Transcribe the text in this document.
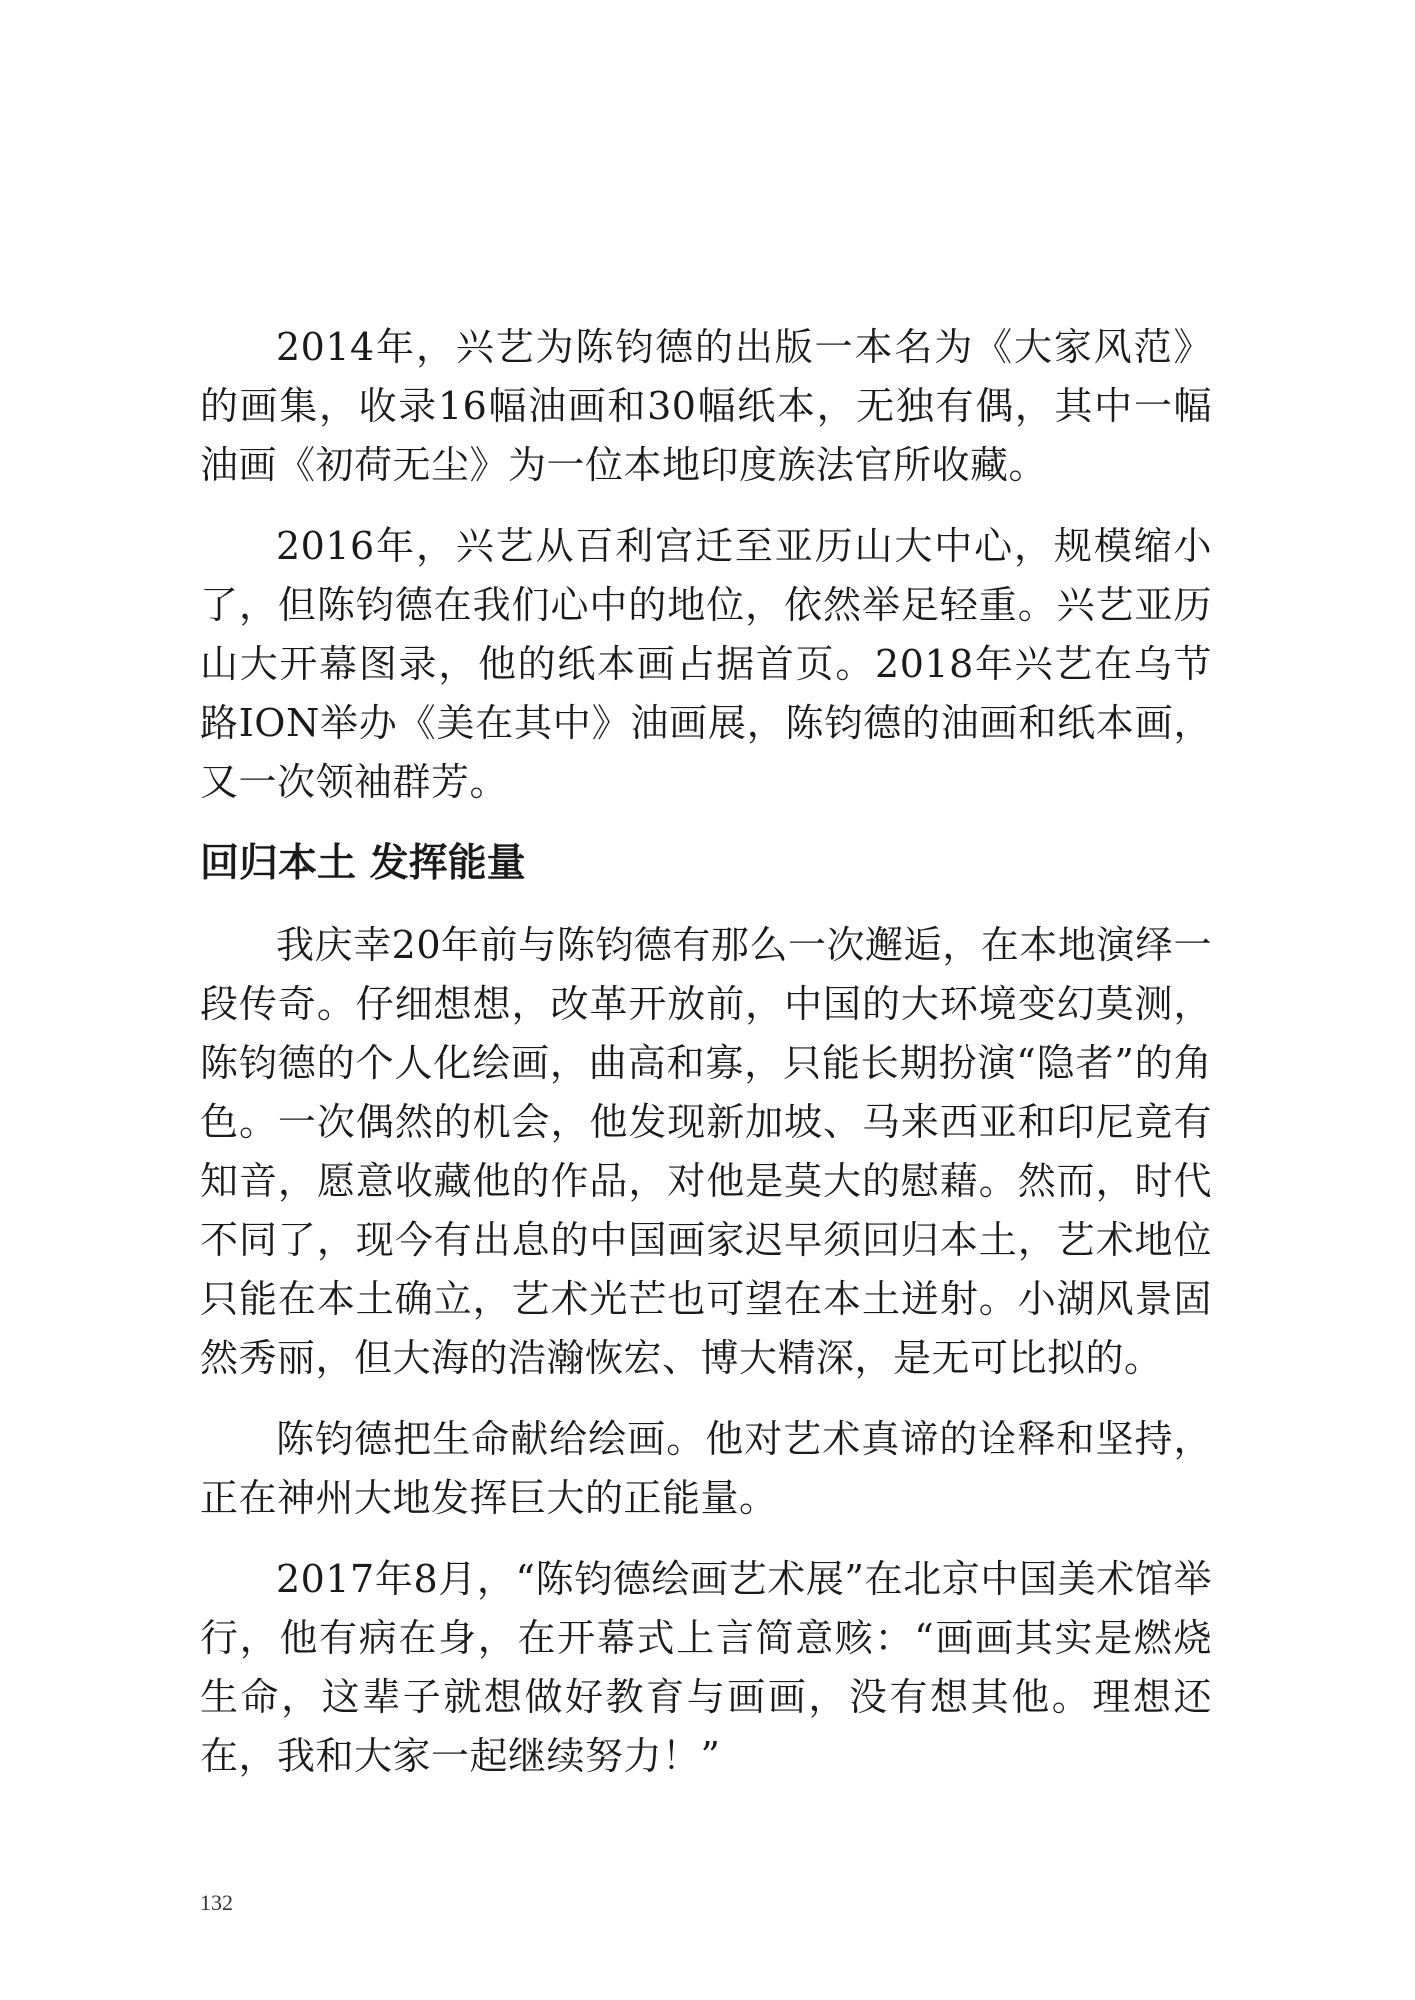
2014年，兴艺为陈钧德的出版一本名为《大家风范》的画集，收录16幅油画和30幅纸本，无独有偶，其中一幅油画《初荷无尘》为一位本地印度族法官所收藏。

2016年，兴艺从百利宫迁至亚历山大中心，规模缩小了，但陈钧德在我们心中的地位，依然举足轻重。兴艺亚历山大开幕图录，他的纸本画占据首页。2018年兴艺在乌节路ION举办《美在其中》油画展，陈钧德的油画和纸本画，又一次领袖群芳。

回归本土 发挥能量

我庆幸20年前与陈钧德有那么一次邂逅，在本地演绎一段传奇。仔细想想，改革开放前，中国的大环境变幻莫测，陈钧德的个人化绘画，曲高和寡，只能长期扮演“隐者”的角色。一次偶然的机会，他发现新加坡、马来西亚和印尼竟有知音，愿意收藏他的作品，对他是莫大的慰藉。然而，时代不同了，现今有出息的中国画家迟早须回归本土，艺术地位只能在本土确立，艺术光芒也可望在本土迸射。小湖风景固然秀丽，但大海的浩瀚恢宏、博大精深，是无可比拟的。

陈钧德把生命献给绘画。他对艺术真谛的诠释和坚持， 正在神州大地发挥巨大的正能量。

2017年8月，“陈钧德绘画艺术展”在北京中国美术馆举行，他有病在身，在开幕式上言简意赅：“画画其实是燃烧生命，这辈子就想做好教育与画画，没有想其他。理想还在，我和大家一起继续努力！”

132
